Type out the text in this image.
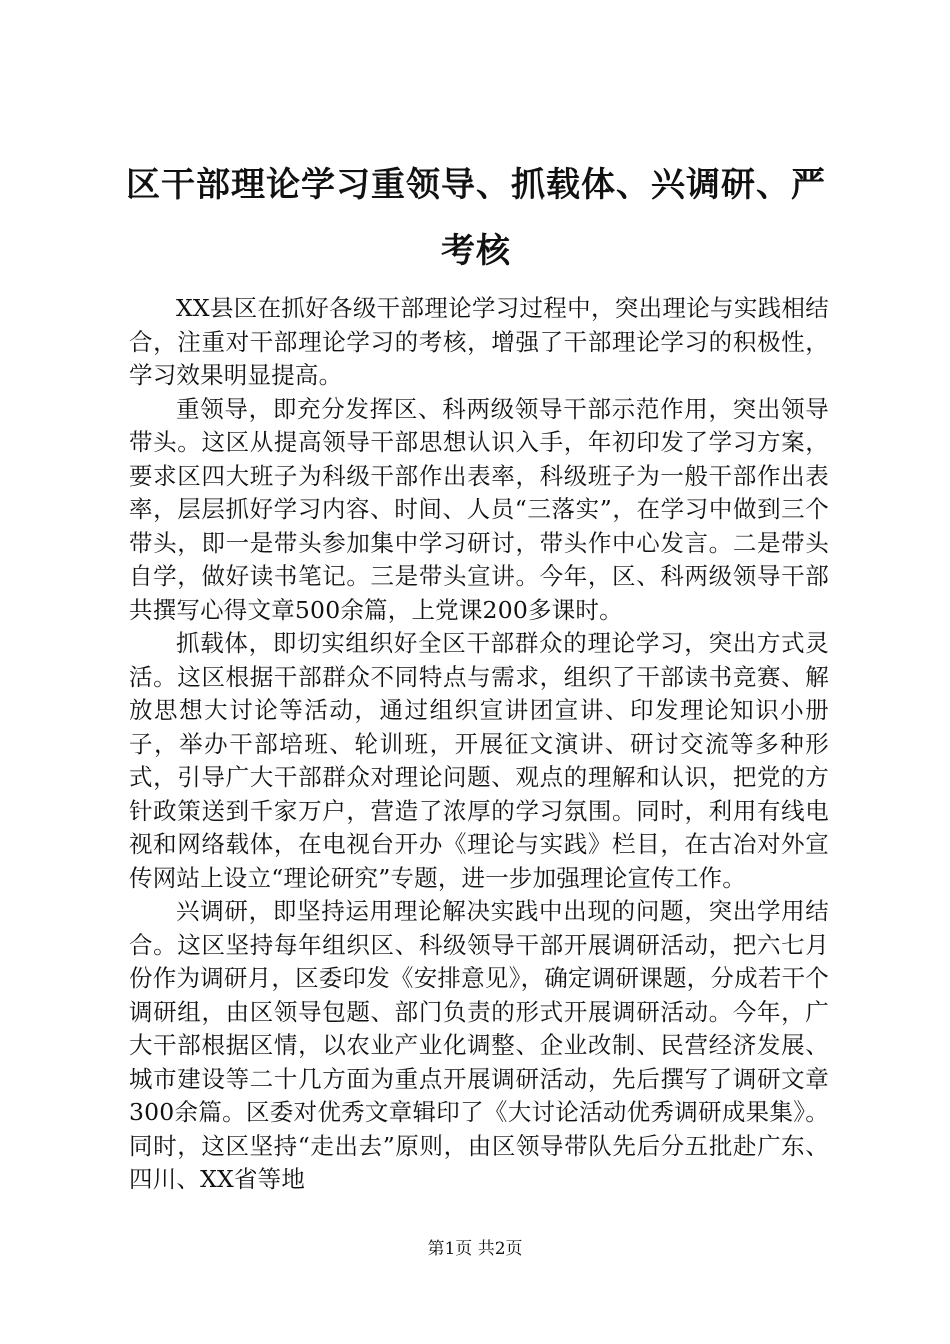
区干部理论学习重领导、抓载体、兴调研、严考核

XX县区在抓好各级干部理论学习过程中，突出理论与实践相结合，注重对干部理论学习的考核，增强了干部理论学习的积极性，学习效果明显提高。

重领导，即充分发挥区、科两级领导干部示范作用，突出领导带头。这区从提高领导干部思想认识入手，年初印发了学习方案，要求区四大班子为科级干部作出表率，科级班子为一般干部作出表率，层层抓好学习内容、时间、人员“三落实”，在学习中做到三个带头，即一是带头参加集中学习研讨，带头作中心发言。二是带头自学，做好读书笔记。三是带头宣讲。今年，区、科两级领导干部共撰写心得文章500余篇，上党课200多课时。

抓载体，即切实组织好全区干部群众的理论学习，突出方式灵活。这区根据干部群众不同特点与需求，组织了干部读书竞赛、解放思想大讨论等活动，通过组织宣讲团宣讲、印发理论知识小册子，举办干部培班、轮训班，开展征文演讲、研讨交流等多种形式，引导广大干部群众对理论问题、观点的理解和认识，把党的方针政策送到千家万户，营造了浓厚的学习氛围。同时，利用有线电视和网络载体，在电视台开办《理论与实践》栏目，在古冶对外宣传网站上设立“理论研究”专题，进一步加强理论宣传工作。

兴调研，即坚持运用理论解决实践中出现的问题，突出学用结合。这区坚持每年组织区、科级领导干部开展调研活动，把六七月份作为调研月，区委印发《安排意见》，确定调研课题，分成若干个调研组，由区领导包题、部门负责的形式开展调研活动。今年，广大干部根据区情，以农业产业化调整、企业改制、民营经济发展、城市建设等二十几方面为重点开展调研活动，先后撰写了调研文章300余篇。区委对优秀文章辑印了《大讨论活动优秀调研成果集》。同时，这区坚持“走出去”原则，由区领导带队先后分五批赴广东、四川、XX省等地

第1页 共2页
